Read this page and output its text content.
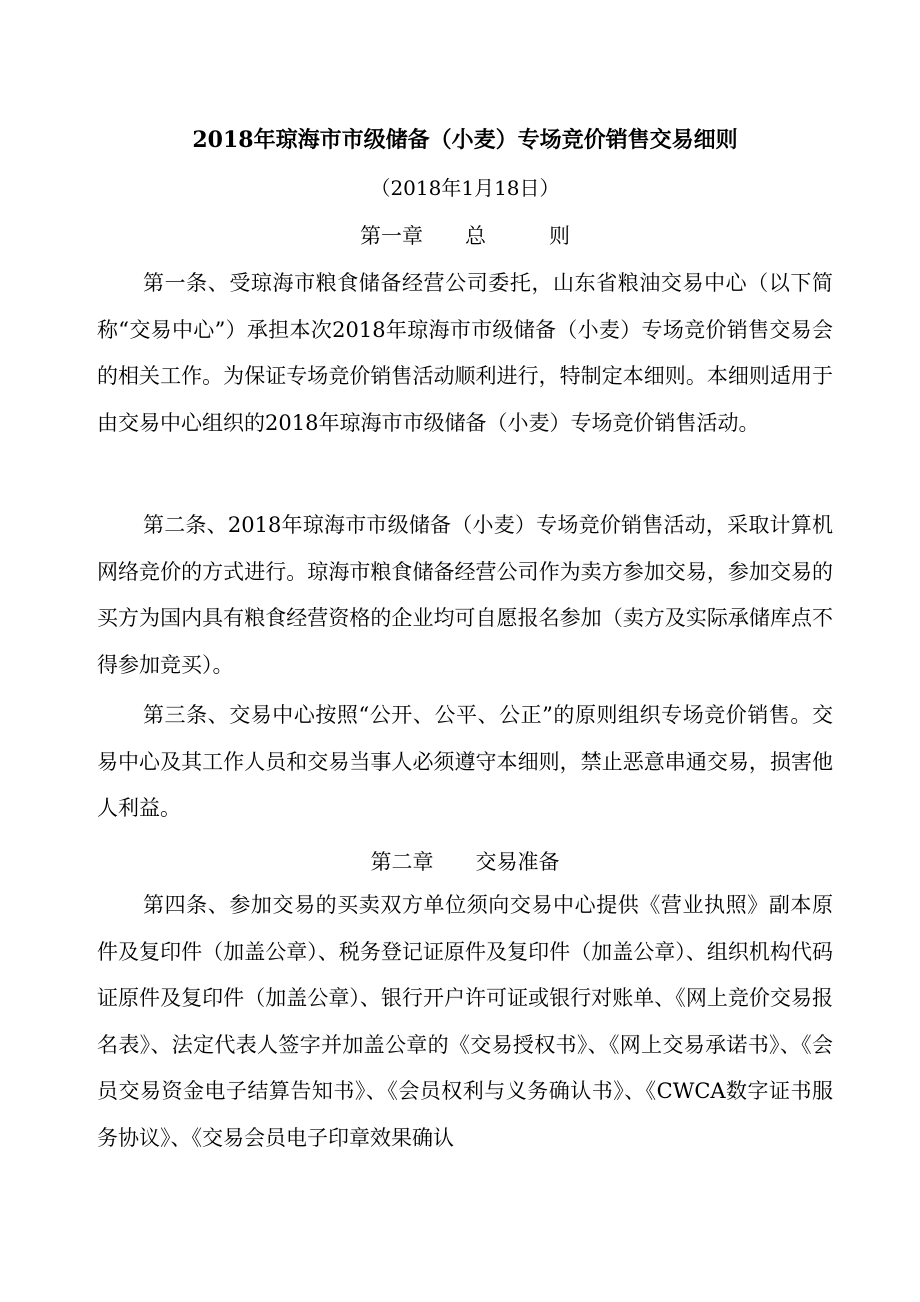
2018年琼海市市级储备（小麦）专场竞价销售交易细则
（2018年1月18日）
第一章　　总　　　则

第一条、受琼海市粮食储备经营公司委托，山东省粮油交易中心（以下简称“交易中心”）承担本次2018年琼海市市级储备（小麦）专场竞价销售交易会的相关工作。为保证专场竞价销售活动顺利进行，特制定本细则。本细则适用于由交易中心组织的2018年琼海市市级储备（小麦）专场竞价销售活动。

第二条、2018年琼海市市级储备（小麦）专场竞价销售活动，采取计算机网络竞价的方式进行。琼海市粮食储备经营公司作为卖方参加交易，参加交易的买方为国内具有粮食经营资格的企业均可自愿报名参加（卖方及实际承储库点不得参加竞买）。

第三条、交易中心按照“公开、公平、公正”的原则组织专场竞价销售。交易中心及其工作人员和交易当事人必须遵守本细则，禁止恶意串通交易，损害他人利益。

第二章　　交易准备

第四条、参加交易的买卖双方单位须向交易中心提供《营业执照》副本原件及复印件（加盖公章）、税务登记证原件及复印件（加盖公章）、组织机构代码证原件及复印件（加盖公章）、银行开户许可证或银行对账单、《网上竞价交易报名表》、法定代表人签字并加盖公章的《交易授权书》、《网上交易承诺书》、《会员交易资金电子结算告知书》、《会员权利与义务确认书》、《CWCA数字证书服务协议》、《交易会员电子印章效果确认
